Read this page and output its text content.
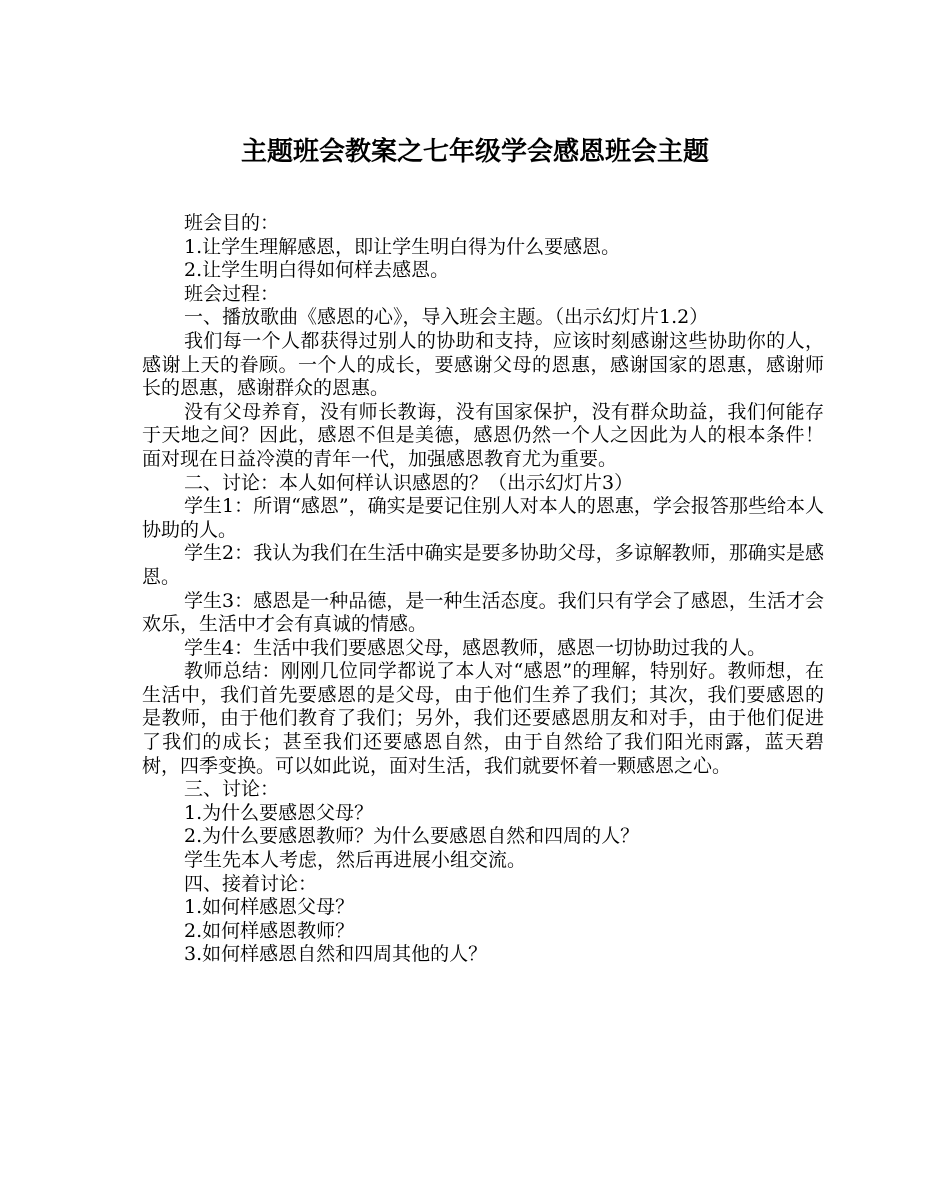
主题班会教案之七年级学会感恩班会主题

班会目的：

1.让学生理解感恩，即让学生明白得为什么要感恩。

2.让学生明白得如何样去感恩。

班会过程：

一、播放歌曲《感恩的心》，导入班会主题。（出示幻灯片1.2）

我们每一个人都获得过别人的协助和支持，应该时刻感谢这些协助你的人，感谢上天的眷顾。一个人的成长，要感谢父母的恩惠，感谢国家的恩惠，感谢师长的恩惠，感谢群众的恩惠。

没有父母养育，没有师长教诲，没有国家保护，没有群众助益，我们何能存于天地之间？因此，感恩不但是美德，感恩仍然一个人之因此为人的根本条件！面对现在日益冷漠的青年一代，加强感恩教育尤为重要。

二、讨论：本人如何样认识感恩的？（出示幻灯片3）

学生1：所谓“感恩”，确实是要记住别人对本人的恩惠，学会报答那些给本人协助的人。

学生2：我认为我们在生活中确实是要多协助父母，多谅解教师，那确实是感恩。

学生3：感恩是一种品德，是一种生活态度。我们只有学会了感恩，生活才会欢乐，生活中才会有真诚的情感。

学生4：生活中我们要感恩父母，感恩教师，感恩一切协助过我的人。

教师总结：刚刚几位同学都说了本人对“感恩”的理解，特别好。教师想，在生活中，我们首先要感恩的是父母，由于他们生养了我们；其次，我们要感恩的是教师，由于他们教育了我们；另外，我们还要感恩朋友和对手，由于他们促进了我们的成长；甚至我们还要感恩自然，由于自然给了我们阳光雨露，蓝天碧树，四季变换。可以如此说，面对生活，我们就要怀着一颗感恩之心。

三、讨论：

1.为什么要感恩父母？

2.为什么要感恩教师？为什么要感恩自然和四周的人？

学生先本人考虑，然后再进展小组交流。

四、接着讨论：

1.如何样感恩父母？

2.如何样感恩教师？

3.如何样感恩自然和四周其他的人？
